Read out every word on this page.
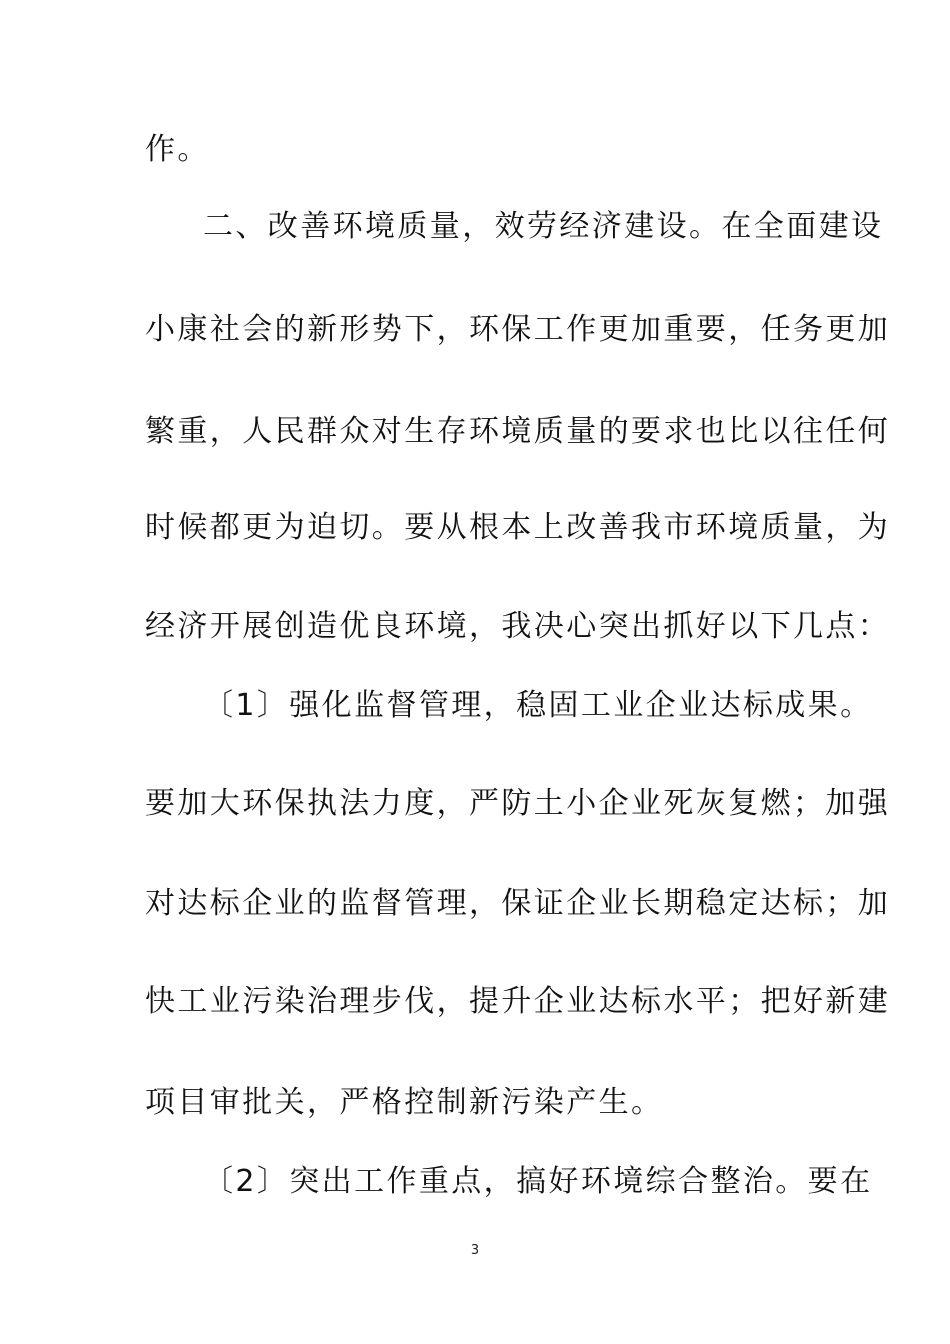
作。
二、改善环境质量，效劳经济建设。在全面建设
小康社会的新形势下，环保工作更加重要，任务更加
繁重，人民群众对生存环境质量的要求也比以往任何
时候都更为迫切。要从根本上改善我市环境质量，为
经济开展创造优良环境，我决心突出抓好以下几点：
〔1〕强化监督管理，稳固工业企业达标成果。
要加大环保执法力度，严防土小企业死灰复燃；加强
对达标企业的监督管理，保证企业长期稳定达标；加
快工业污染治理步伐，提升企业达标水平；把好新建
项目审批关，严格控制新污染产生。
〔2〕突出工作重点，搞好环境综合整治。要在
3
